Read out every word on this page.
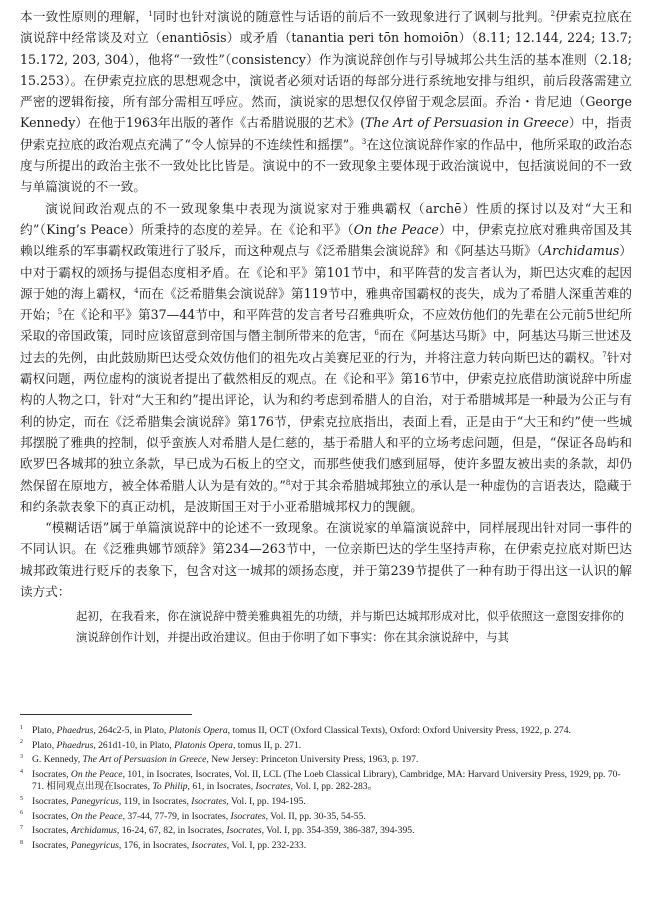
本一致性原则的理解，$^1$同时也针对演说的随意性与话语的前后不一致现象进行了讽刺与批判。$^2$伊索克拉底在演说辞中经常谈及对立（enantiōsis）或矛盾（tanantia peri tōn homoiōn）（8.11; 12.144, 224; 13.7; 15.172, 203, 304），他将“一致性”（consistency）作为演说辞创作与引导城邦公共生活的基本准则（2.18; 15.253）。在伊索克拉底的思想观念中，演说者必须对话语的每部分进行系统地安排与组织，前后段落需建立严密的逻辑衔接，所有部分需相互呼应。然而，演说家的思想仅仅停留于观念层面。乔治・肯尼迪（George Kennedy）在他于1963年出版的著作《古希腊说服的艺术》(The Art of Persuasion in Greece）中，指责伊索克拉底的政治观点充满了“令人惊异的不连续性和摇摆”。$^3$在这位演说辞作家的作品中，他所采取的政治态度与所提出的政治主张不一致处比比皆是。演说中的不一致现象主要体现于政治演说中，包括演说间的不一致与单篇演说的不一致。

演说间政治观点的不一致现象集中表现为演说家对于雅典霸权（archē）性质的探讨以及对“大王和约”（King’s Peace）所秉持的态度的差异。在《论和平》（On the Peace）中，伊索克拉底对雅典帝国及其赖以维系的军事霸权政策进行了驳斥，而这种观点与《泛希腊集会演说辞》和《阿基达马斯》（Archidamus）中对于霸权的颂扬与提倡态度相矛盾。在《论和平》第101节中，和平阵营的发言者认为，斯巴达灾难的起因源于她的海上霸权，$^4$而在《泛希腊集会演说辞》第119节中，雅典帝国霸权的丧失，成为了希腊人深重苦难的开始；$^5$在《论和平》第37—44节中，和平阵营的发言者号召雅典听众，不应效仿他们的先辈在公元前5世纪所采取的帝国政策，同时应该留意到帝国与僭主制所带来的危害，$^6$而在《阿基达马斯》中，阿基达马斯三世述及过去的先例，由此鼓励斯巴达受众效仿他们的祖先攻占美赛尼亚的行为，并将注意力转向斯巴达的霸权。$^7$针对霸权问题，两位虚构的演说者提出了截然相反的观点。在《论和平》第16节中，伊索克拉底借助演说辞中所虚构的人物之口，针对“大王和约”提出评论，认为和约考虑到希腊人的自治，对于希腊城邦是一种最为公正与有利的协定，而在《泛希腊集会演说辞》第176节，伊索克拉底指出，表面上看，正是由于“大王和约”使一些城邦摆脱了雅典的控制，似乎蛮族人对希腊人是仁慈的，基于希腊人和平的立场考虑问题，但是，“保证各岛屿和欧罗巴各城邦的独立条款，早已成为石板上的空文，而那些使我们感到屈辱，使许多盟友被出卖的条款，却仍然保留在原地方，被全体希腊人认为是有效的。”$^8$对于其余希腊城邦独立的承认是一种虚伪的言语表达，隐藏于和约条款表象下的真正动机，是波斯国王对于小亚希腊城邦权力的觊觎。

“模糊话语”属于单篇演说辞中的论述不一致现象。在演说家的单篇演说辞中，同样展现出针对同一事件的不同认识。在《泛雅典娜节颂辞》第234—263节中，一位亲斯巴达的学生坚持声称，在伊索克拉底对斯巴达城邦政策进行贬斥的表象下，包含对这一城邦的颂扬态度，并于第239节提供了一种有助于得出这一认识的解读方式：

起初，在我看来，你在演说辞中赞美雅典祖先的功绩，并与斯巴达城邦形成对比，似乎依照这一意图安排你的演说辞创作计划，并提出政治建议。但由于你明了如下事实：你在其余演说辞中，与其

$^1$ Plato, Phaedrus, 264c2-5, in Plato, Platonis Opera, tomus II, OCT (Oxford Classical Texts), Oxford: Oxford University Press, 1922, p. 274.

$^2$ Plato, Phaedrus, 261d1-10, in Plato, Platonis Opera, tomus II, p. 271.

$^3$ G. Kennedy, The Art of Persuasion in Greece, New Jersey: Princeton University Press, 1963, p. 197.

$^4$ Isocrates, On the Peace, 101, in Isocrates, Isocrates, Vol. II, LCL (The Loeb Classical Library), Cambridge, MA: Harvard University Press, 1929, pp. 70-71. 相同观点出现在Isocrates, To Philip, 61, in Isocrates, Isocrates, Vol. I, pp. 282-283。

$^5$ Isocrates, Panegyricus, 119, in Isocrates, Isocrates, Vol. I, pp. 194-195.

$^6$ Isocrates, On the Peace, 37-44, 77-79, in Isocrates, Isocrates, Vol. II, pp. 30-35, 54-55.

$^7$ Isocrates, Archidamus, 16-24, 67, 82, in Isocrates, Isocrates, Vol. I, pp. 354-359, 386-387, 394-395.

$^8$ Isocrates, Panegyricus, 176, in Isocrates, Isocrates, Vol. I, pp. 232-233.
